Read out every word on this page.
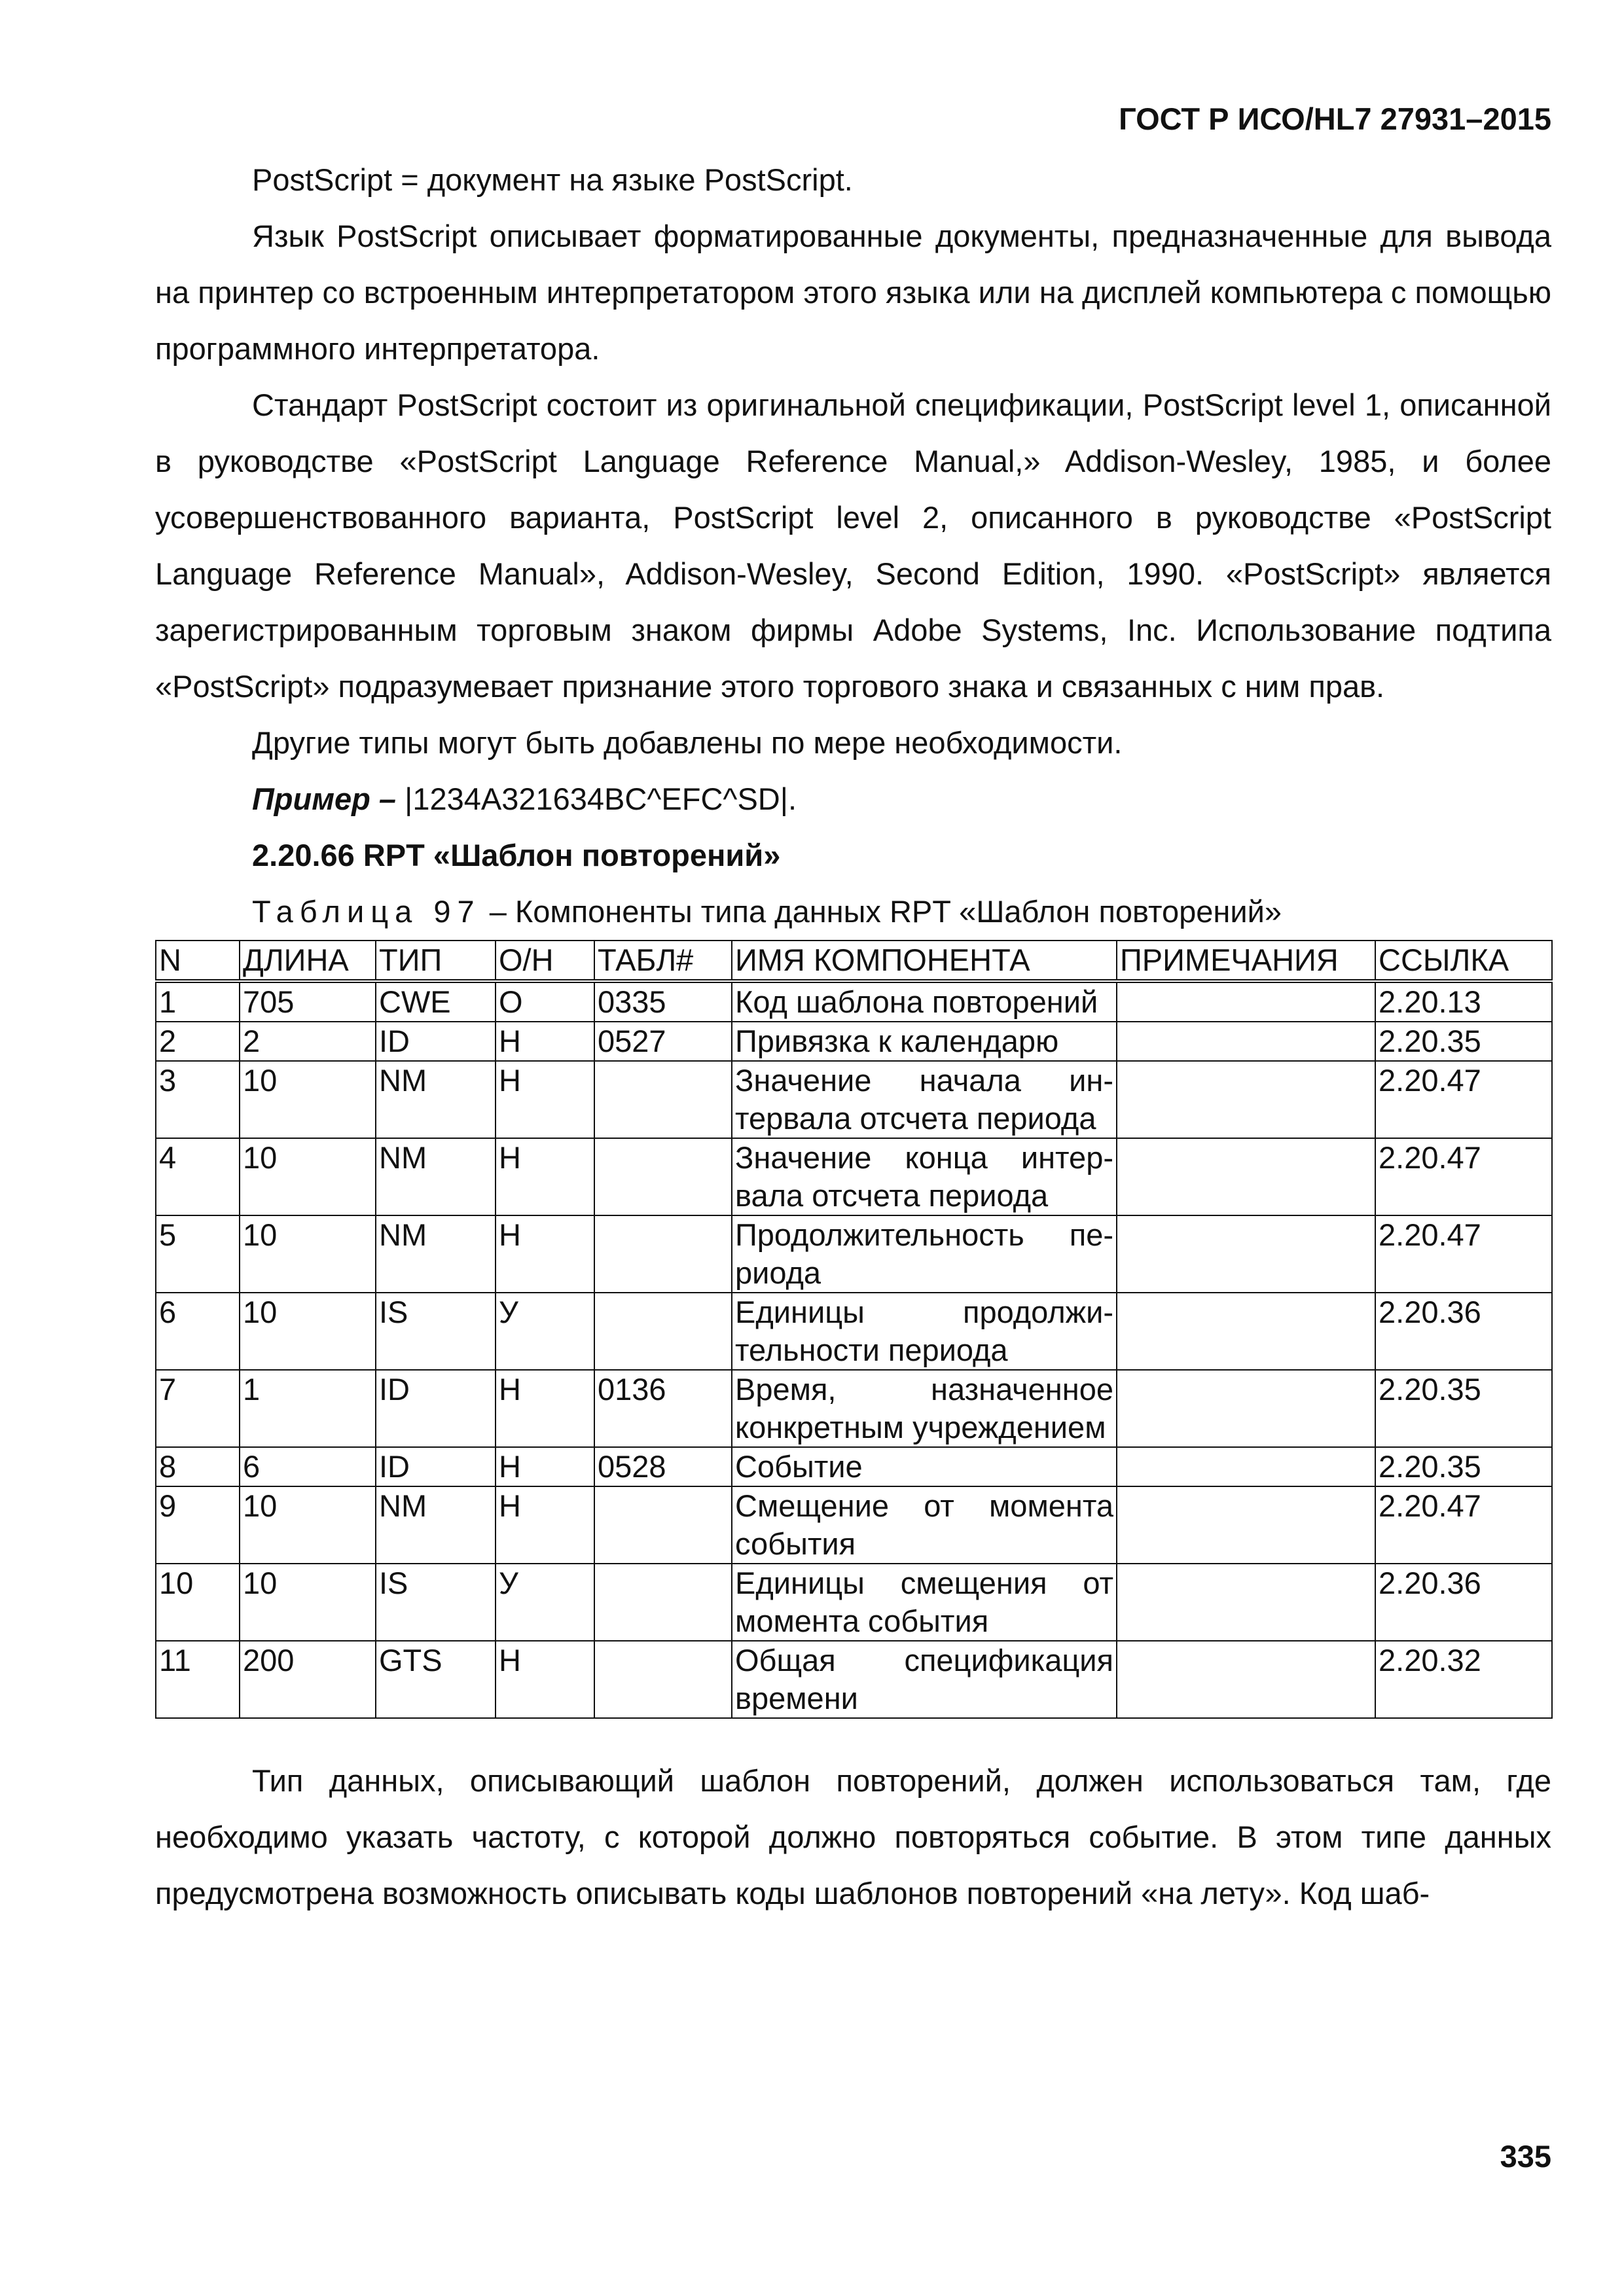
ГОСТ Р ИСО/HL7 27931–2015

PostScript = документ на языке PostScript.

Язык PostScript описывает форматированные документы, предназначенные для вывода на принтер со встроенным интерпретатором этого языка или на дисплей компьютера с помощью программного интерпретатора.

Стандарт PostScript состоит из оригинальной спецификации, PostScript level 1, описанной в руководстве «PostScript Language Reference Manual,» Addison-Wesley, 1985, и более усовершенствованного варианта, PostScript level 2, описанного в руководстве «PostScript Language Reference Manual», Addison-Wesley, Second Edition, 1990. «PostScript» является зарегистрированным торговым знаком фирмы Adobe Systems, Inc. Использование подтипа «PostScript» подразумевает признание этого торгового знака и связанных с ним прав.

Другие типы могут быть добавлены по мере необходимости.

Пример – |1234A321634BC^EFC^SD|.

2.20.66 RPT «Шаблон повторений»

Таблица 97 – Компоненты типа данных RPT «Шаблон повторений»

N	ДЛИНА	ТИП	О/Н	ТАБЛ#	ИМЯ КОМПОНЕНТА	ПРИМЕЧАНИЯ	ССЫЛКА
1	705	CWE	О	0335	Код шаблона повторений		2.20.13
2	2	ID	Н	0527	Привязка к календарю		2.20.35
3	10	NM	Н		Значение начала интервала отсчета периода		2.20.47
4	10	NM	Н		Значение конца интервала отсчета периода		2.20.47
5	10	NM	Н		Продолжительность периода		2.20.47
6	10	IS	У		Единицы продолжительности периода		2.20.36
7	1	ID	Н	0136	Время, назначенное конкретным учреждением		2.20.35
8	6	ID	Н	0528	Событие		2.20.35
9	10	NM	Н		Смещение от момента события		2.20.47
10	10	IS	У		Единицы смещения от момента события		2.20.36
11	200	GTS	Н		Общая спецификация времени		2.20.32

Тип данных, описывающий шаблон повторений, должен использоваться там, где необходимо указать частоту, с которой должно повторяться событие. В этом типе данных предусмотрена возможность описывать коды шаблонов повторений «на лету». Код шаб-

335
